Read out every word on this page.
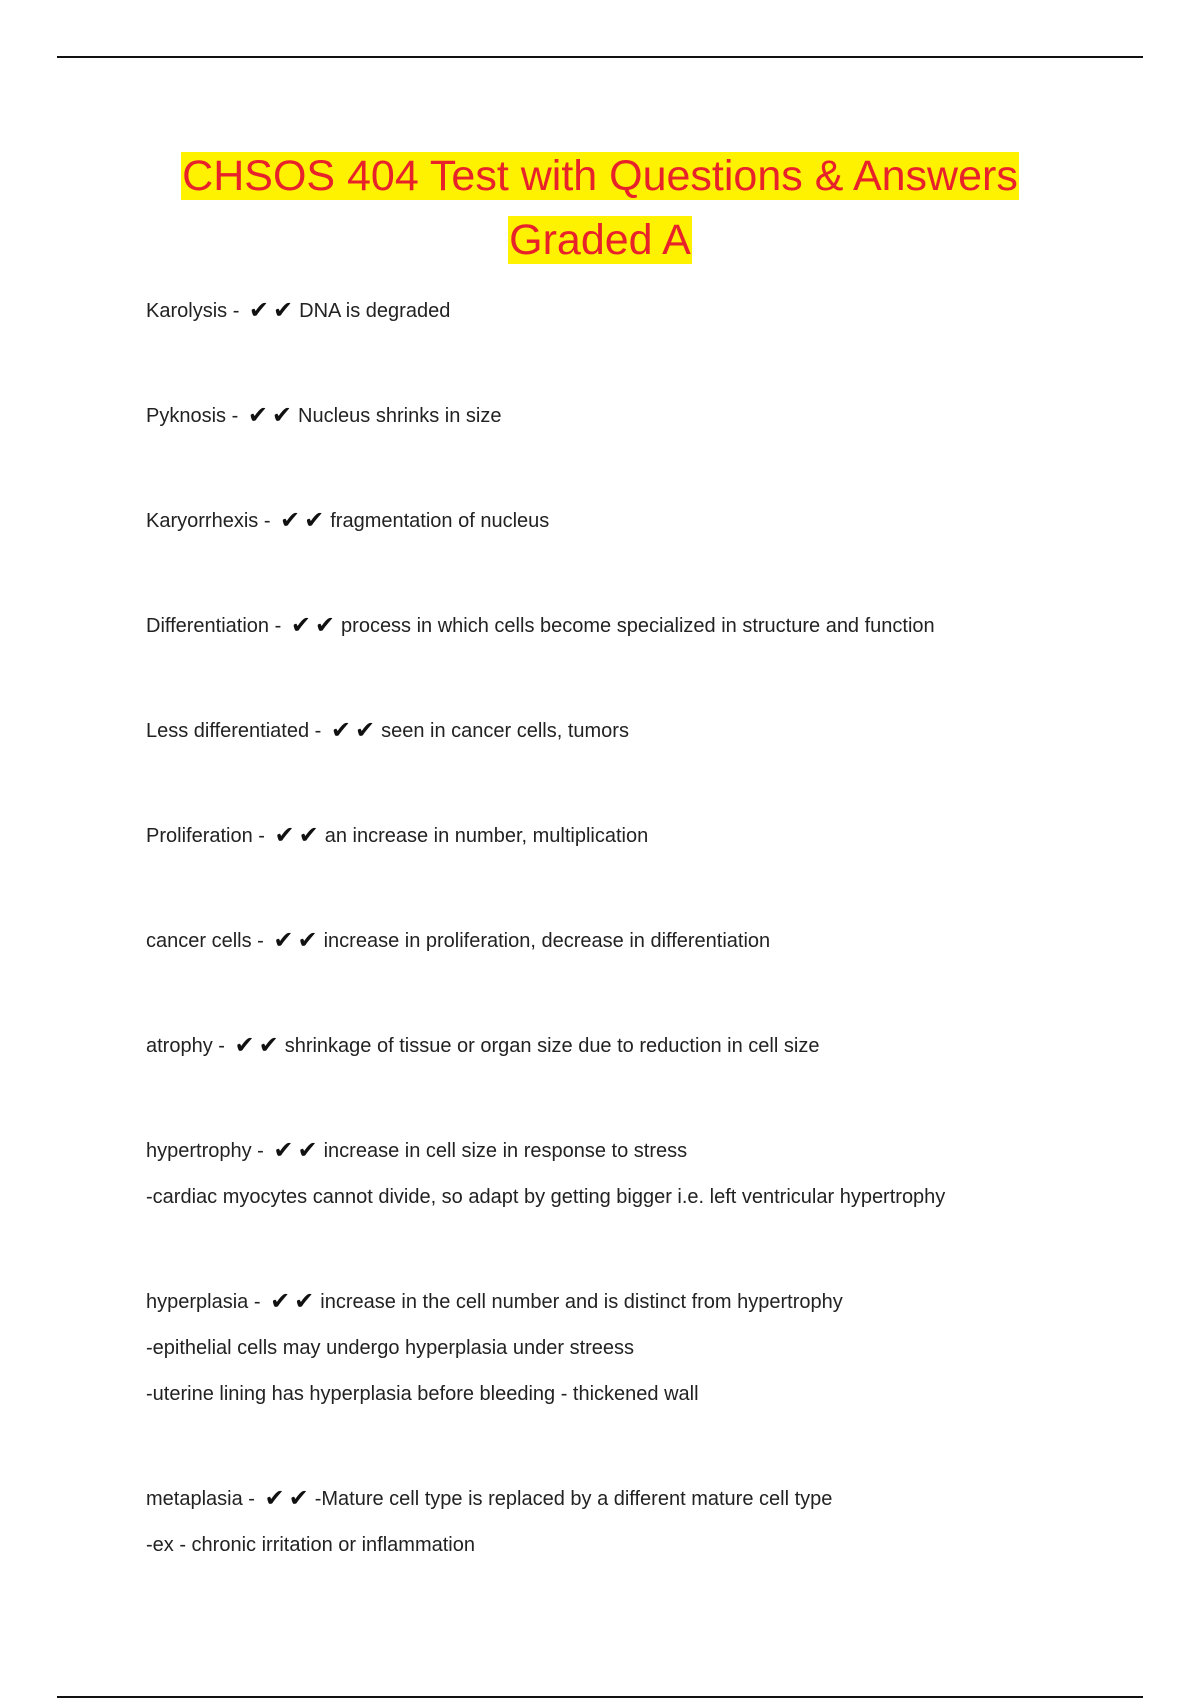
CHSOS 404 Test with Questions & Answers
Graded A
Karolysis - ✔✔ DNA is degraded
Pyknosis - ✔✔ Nucleus shrinks in size
Karyorrhexis - ✔✔ fragmentation of nucleus
Differentiation - ✔✔ process in which cells become specialized in structure and function
Less differentiated - ✔✔ seen in cancer cells, tumors
Proliferation - ✔✔ an increase in number, multiplication
cancer cells - ✔✔ increase in proliferation, decrease in differentiation
atrophy - ✔✔ shrinkage of tissue or organ size due to reduction in cell size
hypertrophy - ✔✔ increase in cell size in response to stress
-cardiac myocytes cannot divide, so adapt by getting bigger i.e. left ventricular hypertrophy
hyperplasia - ✔✔ increase in the cell number and is distinct from hypertrophy
-epithelial cells may undergo hyperplasia under streess
-uterine lining has hyperplasia before bleeding - thickened wall
metaplasia - ✔✔ -Mature cell type is replaced by a different mature cell type
-ex - chronic irritation or inflammation
